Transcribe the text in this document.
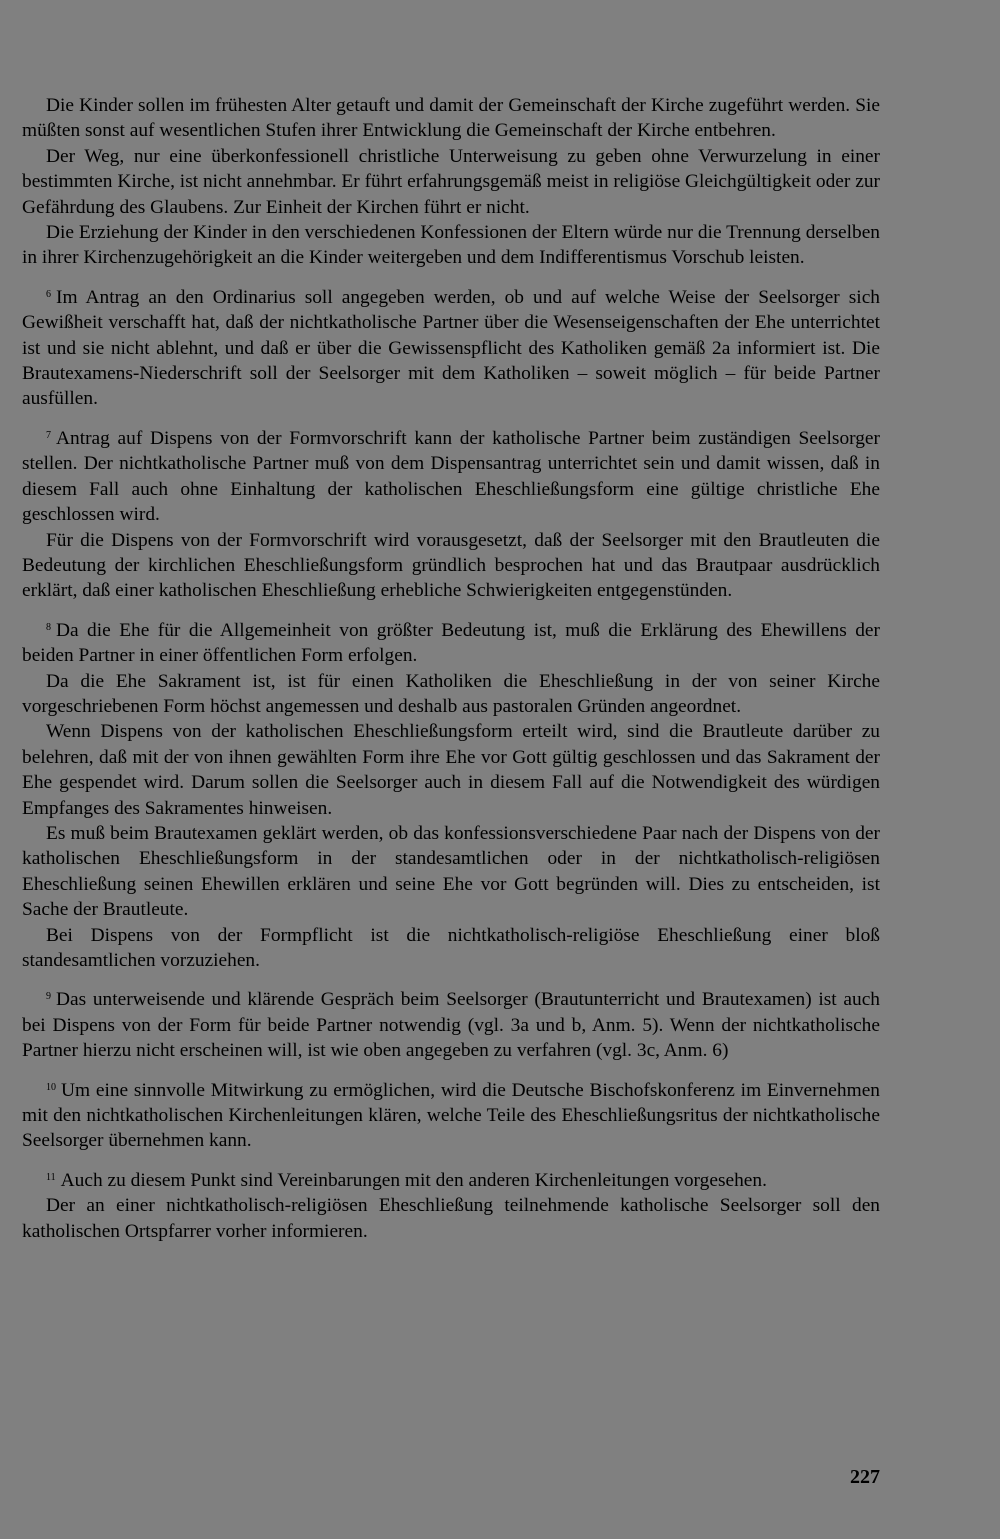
Die Kinder sollen im frühesten Alter getauft und damit der Gemeinschaft der Kirche zugeführt werden. Sie müßten sonst auf wesentlichen Stufen ihrer Entwicklung die Gemeinschaft der Kirche entbehren.

Der Weg, nur eine überkonfessionell christliche Unterweisung zu geben ohne Verwurzelung in einer bestimmten Kirche, ist nicht annehmbar. Er führt erfahrungsgemäß meist in religiöse Gleichgültigkeit oder zur Gefährdung des Glaubens. Zur Einheit der Kirchen führt er nicht.

Die Erziehung der Kinder in den verschiedenen Konfessionen der Eltern würde nur die Trennung derselben in ihrer Kirchenzugehörigkeit an die Kinder weitergeben und dem Indifferentismus Vorschub leisten.

$^6$ Im Antrag an den Ordinarius soll angegeben werden, ob und auf welche Weise der Seelsorger sich Gewißheit verschafft hat, daß der nichtkatholische Partner über die Wesenseigenschaften der Ehe unterrichtet ist und sie nicht ablehnt, und daß er über die Gewissenspflicht des Katholiken gemäß 2a informiert ist. Die Brautexamens-Niederschrift soll der Seelsorger mit dem Katholiken – soweit möglich – für beide Partner ausfüllen.

$^7$ Antrag auf Dispens von der Formvorschrift kann der katholische Partner beim zuständigen Seelsorger stellen. Der nichtkatholische Partner muß von dem Dispensantrag unterrichtet sein und damit wissen, daß in diesem Fall auch ohne Einhaltung der katholischen Eheschließungsform eine gültige christliche Ehe geschlossen wird.

Für die Dispens von der Formvorschrift wird vorausgesetzt, daß der Seelsorger mit den Brautleuten die Bedeutung der kirchlichen Eheschließungsform gründlich besprochen hat und das Brautpaar ausdrücklich erklärt, daß einer katholischen Eheschließung erhebliche Schwierigkeiten entgegenstünden.

$^8$ Da die Ehe für die Allgemeinheit von größter Bedeutung ist, muß die Erklärung des Ehewillens der beiden Partner in einer öffentlichen Form erfolgen.

Da die Ehe Sakrament ist, ist für einen Katholiken die Eheschließung in der von seiner Kirche vorgeschriebenen Form höchst angemessen und deshalb aus pastoralen Gründen angeordnet.

Wenn Dispens von der katholischen Eheschließungsform erteilt wird, sind die Brautleute darüber zu belehren, daß mit der von ihnen gewählten Form ihre Ehe vor Gott gültig geschlossen und das Sakrament der Ehe gespendet wird. Darum sollen die Seelsorger auch in diesem Fall auf die Notwendigkeit des würdigen Empfanges des Sakramentes hinweisen.

Es muß beim Brautexamen geklärt werden, ob das konfessionsverschiedene Paar nach der Dispens von der katholischen Eheschließungsform in der standesamtlichen oder in der nichtkatholisch-religiösen Eheschließung seinen Ehewillen erklären und seine Ehe vor Gott begründen will. Dies zu entscheiden, ist Sache der Brautleute.

Bei Dispens von der Formpflicht ist die nichtkatholisch-religiöse Eheschließung einer bloß standesamtlichen vorzuziehen.

$^9$ Das unterweisende und klärende Gespräch beim Seelsorger (Brautunterricht und Brautexamen) ist auch bei Dispens von der Form für beide Partner notwendig (vgl. 3a und b, Anm. 5). Wenn der nichtkatholische Partner hierzu nicht erscheinen will, ist wie oben angegeben zu verfahren (vgl. 3c, Anm. 6)

$^{10}$ Um eine sinnvolle Mitwirkung zu ermöglichen, wird die Deutsche Bischofskonferenz im Einvernehmen mit den nichtkatholischen Kirchenleitungen klären, welche Teile des Eheschließungsritus der nichtkatholische Seelsorger übernehmen kann.

$^{11}$ Auch zu diesem Punkt sind Vereinbarungen mit den anderen Kirchenleitungen vorgesehen.

Der an einer nichtkatholisch-religiösen Eheschließung teilnehmende katholische Seelsorger soll den katholischen Ortspfarrer vorher informieren.

227
